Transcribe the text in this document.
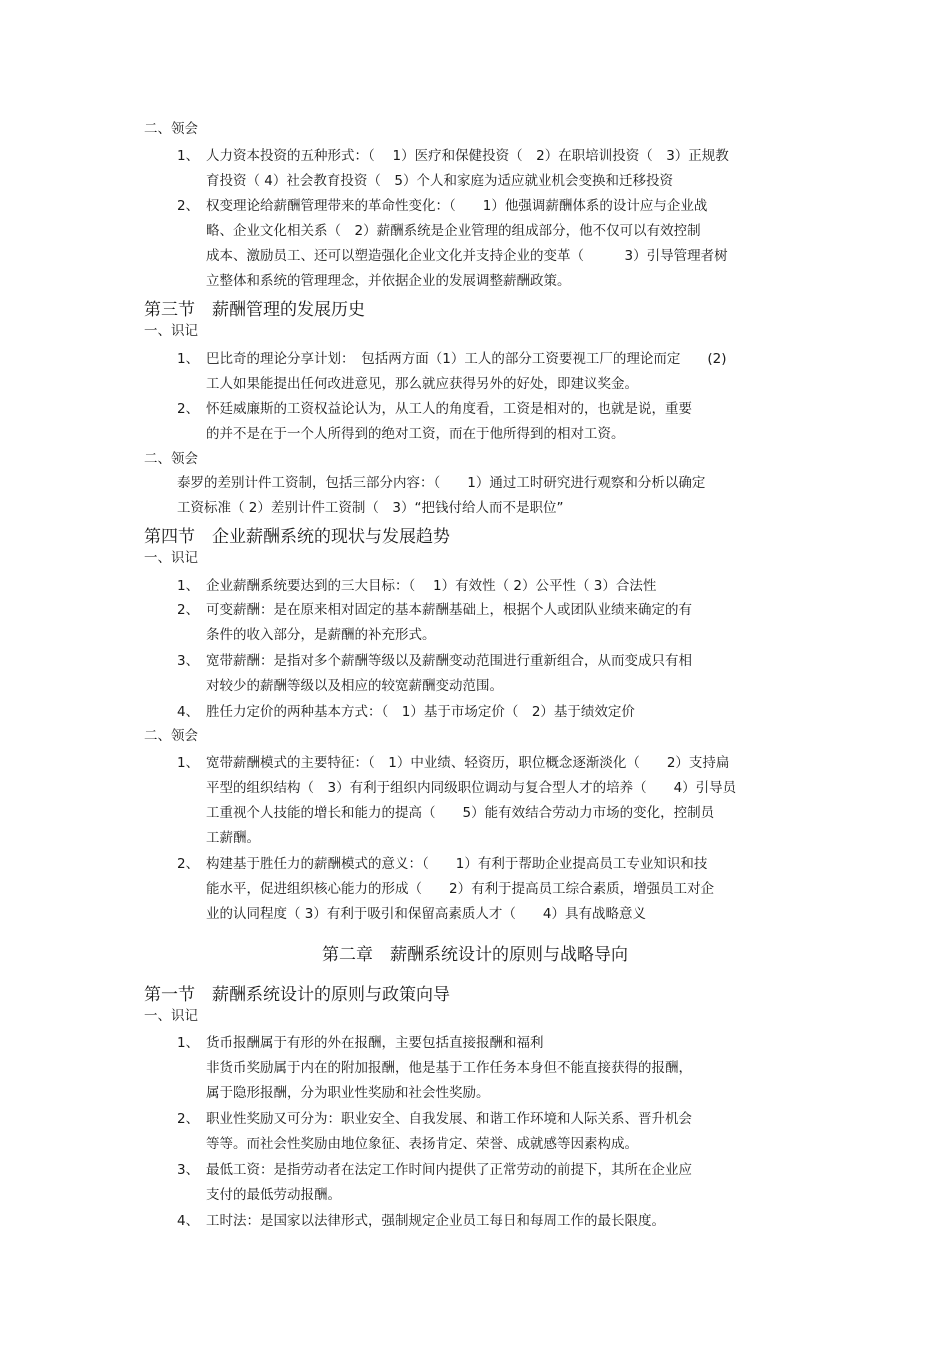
二、领会
1、 人力资本投资的五种形式：（　 1）医疗和保健投资（　2）在职培训投资（　3）正规教
育投资（ 4）社会教育投资（　5）个人和家庭为适应就业机会变换和迁移投资
2、 权变理论给薪酬管理带来的革命性变化：（　　1）他强调薪酬体系的设计应与企业战
略、企业文化相关系（　2）薪酬系统是企业管理的组成部分，他不仅可以有效控制
成本、激励员工、还可以塑造强化企业文化并支持企业的变革（　　　3）引导管理者树
立整体和系统的管理理念，并依据企业的发展调整薪酬政策。
第三节　薪酬管理的发展历史
一、识记
1、 巴比奇的理论分享计划：　包括两方面（1）工人的部分工资要视工厂的理论而定　　(2)
工人如果能提出任何改进意见，那么就应获得另外的好处，即建议奖金。
2、 怀廷威廉斯的工资权益论认为，从工人的角度看，工资是相对的，也就是说，重要
的并不是在于一个人所得到的绝对工资，而在于他所得到的相对工资。
二、领会
泰罗的差别计件工资制，包括三部分内容：（　　1）通过工时研究进行观察和分析以确定
工资标准（ 2）差别计件工资制（　3）“把钱付给人而不是职位”
第四节　企业薪酬系统的现状与发展趋势
一、识记
1、 企业薪酬系统要达到的三大目标：（　 1）有效性（ 2）公平性（ 3）合法性
2、 可变薪酬：是在原来相对固定的基本薪酬基础上，根据个人或团队业绩来确定的有
条件的收入部分，是薪酬的补充形式。
3、 宽带薪酬：是指对多个薪酬等级以及薪酬变动范围进行重新组合，从而变成只有相
对较少的薪酬等级以及相应的较宽薪酬变动范围。
4、 胜任力定价的两种基本方式：（　1）基于市场定价（　2）基于绩效定价
二、领会
1、 宽带薪酬模式的主要特征：（　1）中业绩、轻资历，职位概念逐渐淡化（　　2）支持扁
平型的组织结构（　3）有利于组织内同级职位调动与复合型人才的培养（　　4）引导员
工重视个人技能的增长和能力的提高（　　5）能有效结合劳动力市场的变化，控制员
工薪酬。
2、 构建基于胜任力的薪酬模式的意义：（　　1）有利于帮助企业提高员工专业知识和技
能水平，促进组织核心能力的形成（　　2）有利于提高员工综合素质，增强员工对企
业的认同程度（ 3）有利于吸引和保留高素质人才（　　4）具有战略意义
第二章　薪酬系统设计的原则与战略导向
第一节　薪酬系统设计的原则与政策向导
一、识记
1、 货币报酬属于有形的外在报酬，主要包括直接报酬和福利
非货币奖励属于内在的附加报酬，他是基于工作任务本身但不能直接获得的报酬，
属于隐形报酬，分为职业性奖励和社会性奖励。
2、 职业性奖励又可分为：职业安全、自我发展、和谐工作环境和人际关系、晋升机会
等等。而社会性奖励由地位象征、表扬肯定、荣誉、成就感等因素构成。
3、 最低工资：是指劳动者在法定工作时间内提供了正常劳动的前提下，其所在企业应
支付的最低劳动报酬。
4、 工时法：是国家以法律形式，强制规定企业员工每日和每周工作的最长限度。
